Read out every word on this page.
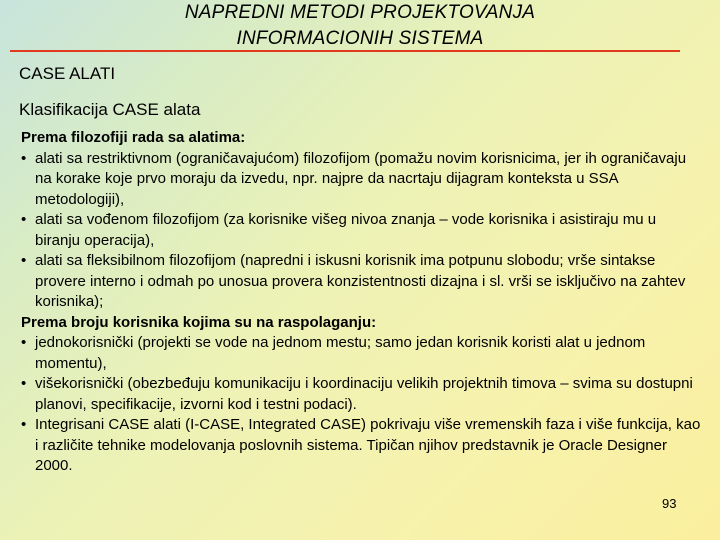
NAPREDNI METODI PROJEKTOVANJA
INFORMACIONIH SISTEMA
CASE ALATI
Klasifikacija CASE alata
Prema filozofiji rada sa alatima:
• alati sa restriktivnom (ograničavajućom) filozofijom (pomažu novim korisnicima, jer ih ograničavaju na korake koje prvo moraju da izvedu, npr. najpre da nacrtaju dijagram konteksta u SSA metodologiji),
• alati sa vođenom filozofijom (za korisnike višeg nivoa znanja – vode korisnika i asistiraju mu u biranju operacija),
• alati sa fleksibilnom filozofijom (napredni i iskusni korisnik ima potpunu slobodu; vrše sintakse provere interno i odmah po unosua provera konzistentnosti dizajna i sl. vrši se isključivo na zahtev korisnika);
Prema broju korisnika kojima su na raspolaganju:
• jednokorisnički (projekti se vode na jednom mestu; samo jedan korisnik koristi alat u jednom momentu),
• višekorisnički (obezbeđuju komunikaciju i koordinaciju velikih projektnih timova – svima su dostupni planovi, specifikacije, izvorni kod i testni podaci).
• Integrisani CASE alati (I-CASE, Integrated CASE) pokrivaju više vremenskih faza i više funkcija, kao i različite tehnike modelovanja poslovnih sistema. Tipičan njihov predstavnik je Oracle Designer 2000.
93
